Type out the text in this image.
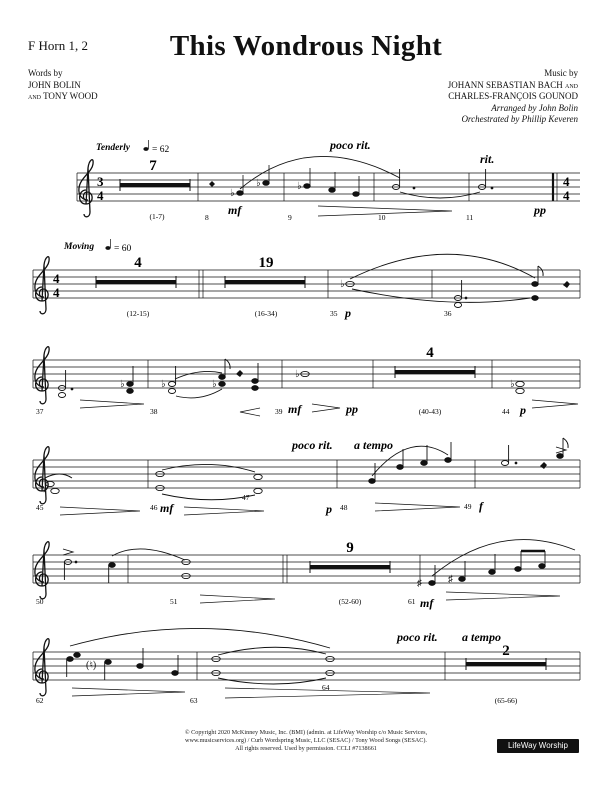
F Horn 1, 2	This Wondrous Night
Words by
JOHN BOLIN
and TONY WOOD
Music by
JOHANN SEBASTIAN BACH and
CHARLES-FRANÇOIS GOUNOD
Arranged by John Bolin
Orchestrated by Phillip Keveren
3
4
Tenderly = 62
7
(1-7)	8	9	10	11
♭
♭	♭
mf	pp
poco rit.
rit.
4
4
4
4
Moving = 60
4
(12-15)
19
(16-34)	35	36
♭
p
37	38	39	44
♭	♭	♭
♭
♭
mf	pp
4
(40-43)	p
45	46
47
48	49
♮
mf	p	f
poco rit. a tempo
50	51	61
9
(52-60)
♯	♯
mf
62	63
64
(♮)
poco rit. a tempo
2
(65-66)
© Copyright 2020 McKinney Music, Inc. (BMI) (admin. at LifeWay Worship c/o Music Services,
www.musicservices.org) / Curb Wordspring Music, LLC (SESAC) / Tony Wood Songs (SESAC).
All rights reserved. Used by permission. CCLI #7138661	LifeWay Worship
